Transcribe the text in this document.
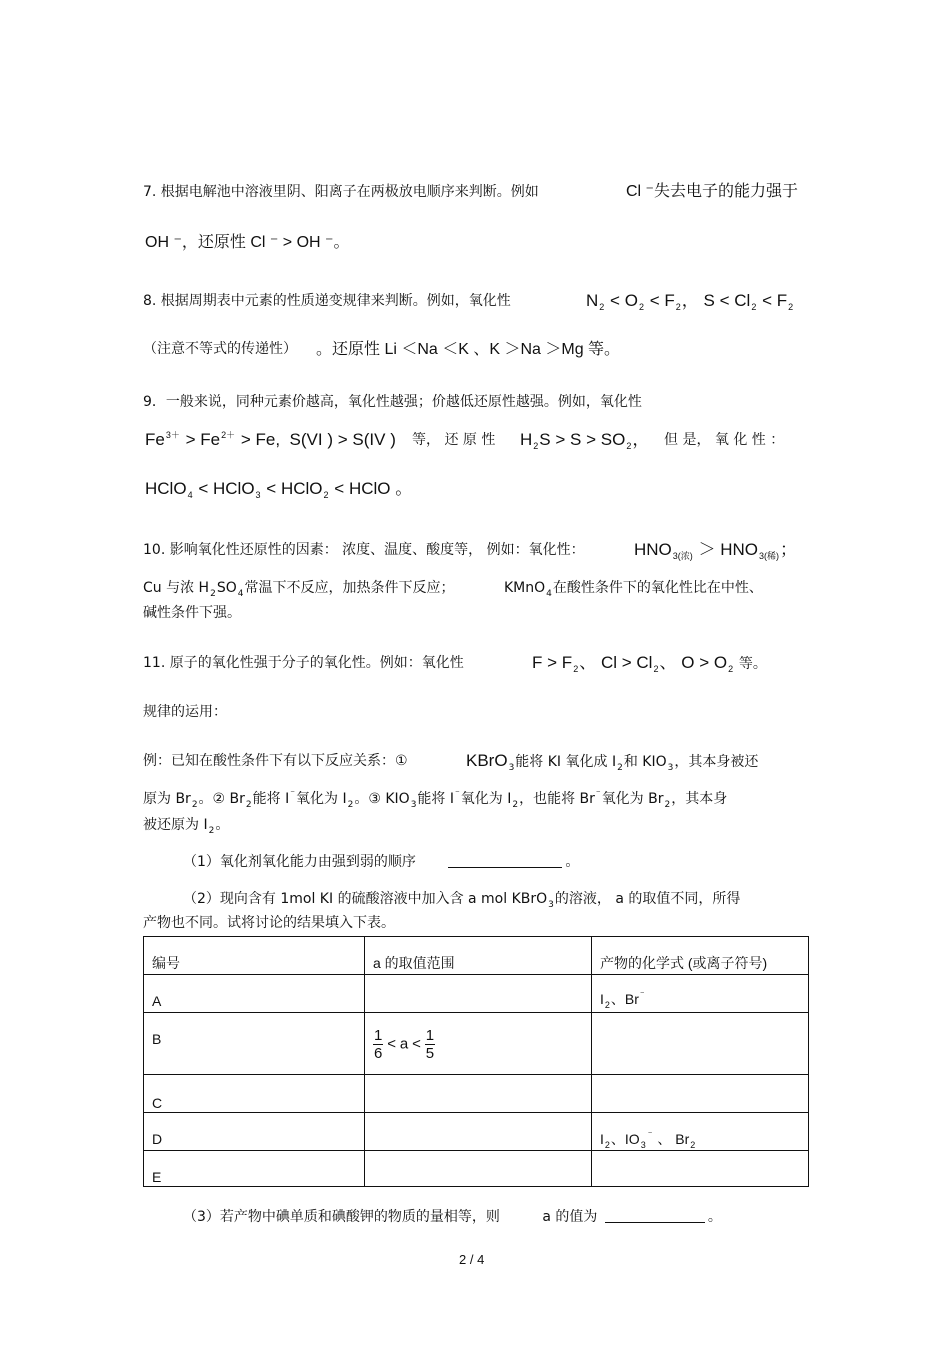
7. 根据电解池中溶液里阴、阳离子在两极放电顺序来判断。例如	Cl ⁻失去电子的能力强于
OH ⁻，还原性 Cl ⁻ > OH ⁻。
8. 根据周期表中元素的性质递变规律来判断。例如，氧化性	$N_2 < O_2 < F_2$， $S < Cl_2 < F_2$
（注意不等式的传递性） 。还原性 Li ＜Na ＜K 、K ＞Na ＞Mg 等。
9．一般来说，同种元素价越高，氧化性越强；价越低还原性越强。例如，氧化性
$Fe^{3+} > Fe^{2+} > Fe$, S(VI ) > S(IV ) 等， 还 原 性 $H_2S > S > SO_2$， 但 是， 氧 化 性 ：
HClO$_4$ < HClO$_3$ < HClO$_2$ < HClO 。
10. 影响氧化性还原性的因素： 浓度、温度、酸度等， 例如：氧化性：	$HNO_{3(浓)} > HNO_{3(稀)}$；
Cu 与浓 $H_2SO_4$常温下不反应，加热条件下反应；	KMnO$_4$在酸性条件下的氧化性比在中性、
碱性条件下强。
11. 原子的氧化性强于分子的氧化性。例如：氧化性	$F > F_2$、 $Cl > Cl_2$、 $O > O_2$ 等。
规律的运用：
例：已知在酸性条件下有以下反应关系：①	KBrO$_3$能将 KI 氧化成 $I_2$和 $KIO_3$，其本身被还
原为 $Br_2$。② $Br_2$能将 I⁻氧化为 $I_2$。③ $KIO_3$能将 I⁻氧化为 $I_2$，也能将 Br⁻氧化为 $Br_2$，其本身
被还原为 $I_2$。
（1）氧化剂氧化能力由强到弱的顺序	。
（2）现向含有 1mol KI 的硫酸溶液中加入含 a mol KBrO$_3$的溶液， a 的取值不同，所得
产物也不同。试将讨论的结果填入下表。
编号	a 的取值范围	产物的化学式 (或离子符号)
A		$I_2$、Br⁻
B	$\frac{1}{6} < a < \frac{1}{5}$

C		
D		$I_2$、$IO_3^{^-}$ 、 $Br_2$
E		
（3）若产物中碘单质和碘酸钾的物质的量相等，则	a 的值为	。
2 / 4
